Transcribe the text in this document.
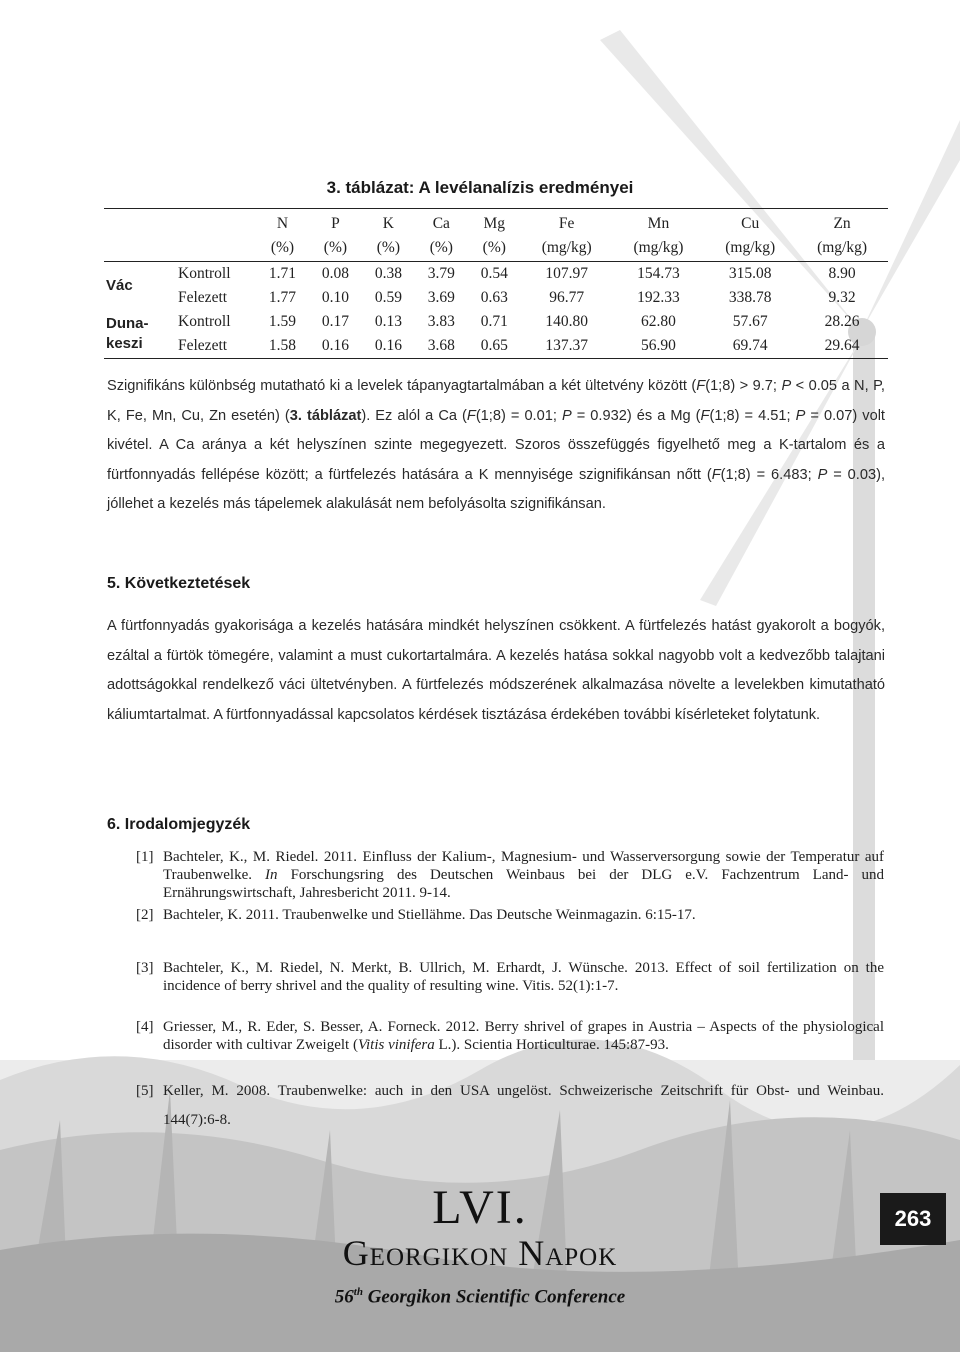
3. táblázat: A levélanalízis eredményei
		N	P	K	Ca	Mg	Fe	Mn	Cu	Zn
		(%)	(%)	(%)	(%)	(%)	(mg/kg)	(mg/kg)	(mg/kg)	(mg/kg)
Vác	Kontroll	1.71	0.08	0.38	3.79	0.54	107.97	154.73	315.08	8.90
	Felezett	1.77	0.10	0.59	3.69	0.63	96.77	192.33	338.78	9.32
Duna-
keszi	Kontroll	1.59	0.17	0.13	3.83	0.71	140.80	62.80	57.67	28.26
	Felezett	1.58	0.16	0.16	3.68	0.65	137.37	56.90	69.74	29.64

Szignifikáns különbség mutatható ki a levelek tápanyagtartalmában a két ültetvény között (F(1;8) > 9.7; P < 0.05 a N, P, K, Fe, Mn, Cu, Zn esetén) (3. táblázat). Ez alól a Ca (F(1;8) = 0.01; P = 0.932) és a Mg (F(1;8) = 4.51; P = 0.07) volt kivétel. A Ca aránya a két helyszínen szinte megegyezett. Szoros összefüggés figyelhető meg a K-tartalom és a fürtfonnyadás fellépése között; a fürtfelezés hatására a K mennyisége szignifikánsan nőtt (F(1;8) = 6.483; P = 0.03), jóllehet a kezelés más tápelemek alakulását nem befolyásolta szignifikánsan.

5. Következtetések

A fürtfonnyadás gyakorisága a kezelés hatására mindkét helyszínen csökkent. A fürtfelezés hatást gyakorolt a bogyók, ezáltal a fürtök tömegére, valamint a must cukortartalmára. A kezelés hatása sokkal nagyobb volt a kedvezőbb talajtani adottságokkal rendelkező váci ültetvényben. A fürtfelezés módszerének alkalmazása növelte a levelekben kimutatható káliumtartalmat. A fürtfonnyadással kapcsolatos kérdések tisztázása érdekében további kísérleteket folytatunk.

6. Irodalomjegyzék
[1] Bachteler, K., M. Riedel. 2011. Einfluss der Kalium-, Magnesium- und Wasserversorgung sowie der Temperatur auf Traubenwelke. In Forschungsring des Deutschen Weinbaus bei der DLG e.V. Fachzentrum Land- und Ernährungswirtschaft, Jahresbericht 2011. 9-14.
[2] Bachteler, K. 2011. Traubenwelke und Stiellähme. Das Deutsche Weinmagazin. 6:15-17.
[3] Bachteler, K., M. Riedel, N. Merkt, B. Ullrich, M. Erhardt, J. Wünsche. 2013. Effect of soil fertilization on the incidence of berry shrivel and the quality of resulting wine. Vitis. 52(1):1-7.
[4] Griesser, M., R. Eder, S. Besser, A. Forneck. 2012. Berry shrivel of grapes in Austria – Aspects of the physiological disorder with cultivar Zweigelt (Vitis vinifera L.). Scientia Horticulturae. 145:87-93.
[5] Keller, M. 2008. Traubenwelke: auch in den USA ungelöst. Schweizerische Zeitschrift für Obst- und Weinbau. 144(7):6-8.
LVI.
Georgikon Napok
56th Georgikon Scientific Conference
263
